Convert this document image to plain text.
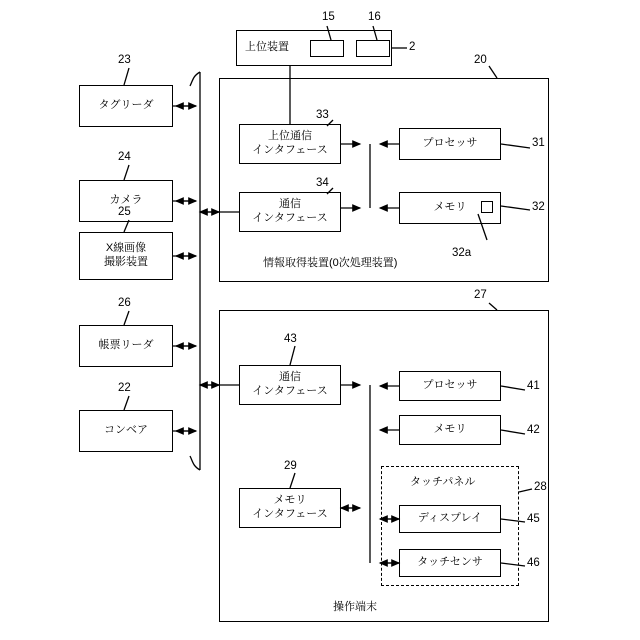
上位装置
15	16
2
情報取得装置(0次処理装置)
20
上位通信
インタフェース
33
通信
インタフェース
34
プロセッサ	31
メモリ	32
32a
操作端末
27
通信
インタフェース
43
メモリ
インタフェース
29
プロセッサ	41
メモリ	42
タッチパネル	28
ディスプレイ	45
タッチセンサ	46
タグリーダ
23
カメラ
24
X線画像
撮影装置
25
帳票リーダ
26
コンベア
22
